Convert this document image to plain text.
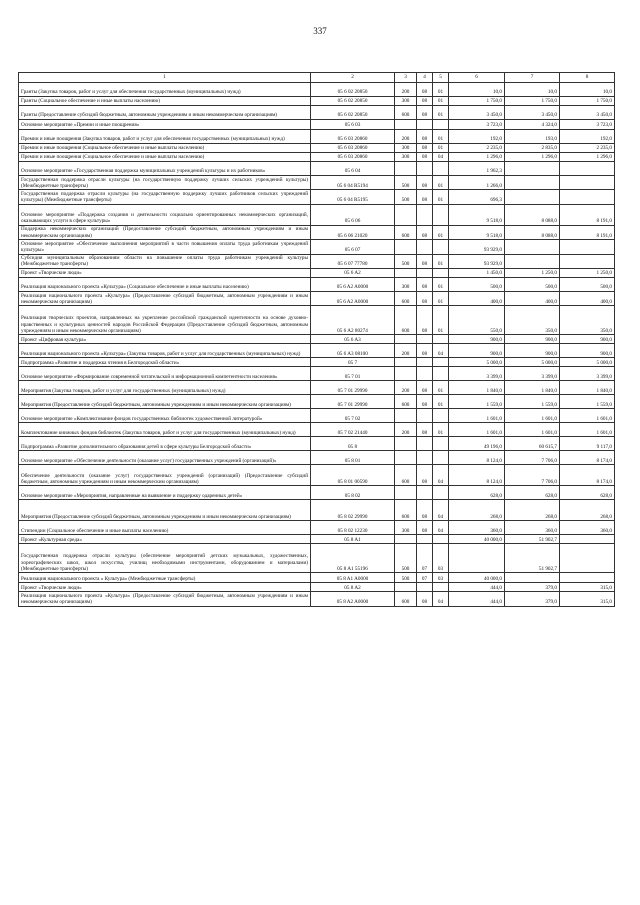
337
1	2	3	4	5	6	7	8
Гранты (Закупка товаров, работ и услуг для обеспечения государственных (муниципальных) нужд)	05 6 02 20850	200	08	01	10,0	10,0	10,0
Гранты (Социальное обеспечение и иные выплаты населению)	05 6 02 20850	300	08	01	1 750,0	1 750,0	1 750,0
Гранты (Предоставление субсидий бюджетным, автономным учреждениям и иным некоммерческим организациям)	05 6 02 20850	600	08	01	3 450,0	3 450,0	3 450,0
Основное мероприятие «Премии и иные поощрения»	05 6 03				3 723,0	4 324,0	3 723,0
Премии и иные поощрения (Закупка товаров, работ и услуг для обеспечения государственных (муниципальных) нужд)	05 6 03 20860	200	08	01	192,0	193,0	192,0
Премии и иные поощрения (Социальное обеспечение и иные выплаты населению)	05 6 03 20860	300	08	01	2 235,0	2 835,0	2 235,0
Премии и иные поощрения (Социальное обеспечение и иные выплаты населению)	05 6 03 20860	300	08	04	1 296,0	1 296,0	1 296,0
Основное мероприятие «Государственная поддержка муниципальных учреждений культуры и их работников»	05 6 04				1 962,3		
Государственная поддержка отрасли культуры (на государственную поддержку лучших сельских учреждений культуры) (Межбюджетные трансферты)	05 6 04 R5194	500	08	01	1 266,0		
Государственная поддержка отрасли культуры (на государственную поддержку лучших работников сельских учреждений культуры) (Межбюджетные трансферты)	05 6 04 R5195	500	08	01	696,3		
Основное мероприятие «Поддержка создания и деятельности социально ориентированных некоммерческих организаций, оказывающих услуги в сфере культуры»	05 6 06				9 518,0	8 088,0	8 191,0
Поддержка некоммерческих организаций (Предоставление субсидий бюджетным, автономным учреждениям и иным некоммерческим организациям)	05 6 06 21020	600	08	01	9 518,0	8 088,0	8 191,0
Основное мероприятие «Обеспечение выполнения мероприятий в части повышения оплаты труда работникам учреждений культуры»	05 6 07				93 929,0		
Субсидия муниципальным образованиям области на повышение оплаты труда работникам учреждений культуры (Межбюджетные трансферты)	05 6 07 77780	500	08	01	93 929,0		
Проект «Творческие люди»	05 6 A2				1 450,0	1 250,0	1 250,0
Реализация национального проекта «Культура» (Социальное обеспечение и иные выплаты населению)	05 6 A2 A0000	300	08	01	500,0	500,0	500,0
Реализация национального проекта «Культура» (Предоставление субсидий бюджетным, автономным учреждениям и иным некоммерческим организациям)	05 6 A2 A0000	600	08	01	400,0	400,0	400,0
Реализация творческих проектов, направленных на укрепление российской гражданской идентичности на основе духовно-нравственных и культурных ценностей народов Российской Федерации (Предоставление субсидий бюджетным, автономным учреждениям и иным некоммерческим организациям)	05 6 A2 80274	600	08	01	550,0	350,0	350,0
Проект «Цифровая культура»	05 6 A3				900,0	900,0	900,0
Реализация национального проекта «Культура» (Закупка товаров, работ и услуг для государственных (муниципальных) нужд)	05 6 A3 08100	200	08	04	900,0	900,0	900,0
Подпрограмма «Развитие и поддержка чтения в Белгородской области»	05 7				5 000,0	5 000,0	5 000,0
Основное мероприятие «Формирование современной читательской и информационной компетентности населения»	05 7 01				3 399,0	3 399,0	3 399,0
Мероприятия (Закупка товаров, работ и услуг для государственных (муниципальных) нужд)	05 7 01 29990	200	08	01	1 840,0	1 840,0	1 840,0
Мероприятия (Предоставление субсидий бюджетным, автономным учреждениям и иным некоммерческим организациям)	05 7 01 29990	600	08	01	1 559,0	1 559,0	1 559,0
Основное мероприятие «Комплектование фондов государственных библиотек художественной литературой»	05 7 02				1 601,0	1 601,0	1 601,0
Комплектование книжных фондов библиотек (Закупка товаров, работ и услуг для государственных (муниципальных) нужд)	05 7 02 21440	200	08	01	1 601,0	1 601,0	1 601,0
Подпрограмма «Развитие дополнительного образования детей в сфере культуры Белгородской области»	05 8				49 196,0	60 615,7	9 117,0
Основное мероприятие «Обеспечение деятельности (оказание услуг) государственных учреждений (организаций)»	05 8 01				8 124,0	7 706,0	8 174,0
Обеспечение деятельности (оказание услуг) государственных учреждений (организаций) (Предоставление субсидий бюджетным, автономным учреждениям и иным некоммерческим организациям)	05 8 01 00590	600	08	04	8 124,0	7 706,0	8 174,0
Основное мероприятие «Мероприятия, направленные на выявление и поддержку одаренных детей»	05 8 02				628,0	628,0	628,0
Мероприятия (Предоставление субсидий бюджетным, автономным учреждениям и иным некоммерческим организациям)	05 8 02 29990	600	08	04	268,0	268,0	268,0
Стипендии (Социальное обеспечение и иные выплаты населению)	05 8 02 12230	300	08	04	360,0	360,0	360,0
Проект «Культурная среда»	05 8 A1				40 000,0	51 902,7	
Государственная поддержка отрасли культуры (обеспечение мероприятий детских музыкальных, художественных, хореографических школ, школ искусства, училищ необходимыми инструментами, оборудованием и материалами) (Межбюджетные трансферты)	05 8 A1 55196	500	07	03		51 902,7	
Реализация национального проекта « Культура» (Межбюджетные трансферты)	05 8 A1 A0000	500	07	03	40 000,0		
Проект «Творческие люди»	05 8 A2				444,0	379,0	315,0
Реализация национального проекта «Культура» (Предоставление субсидий бюджетным, автономным учреждениям и иным некоммерческим организациям)	05 8 A2 A0000	600	08	04	444,0	379,0	315,0
